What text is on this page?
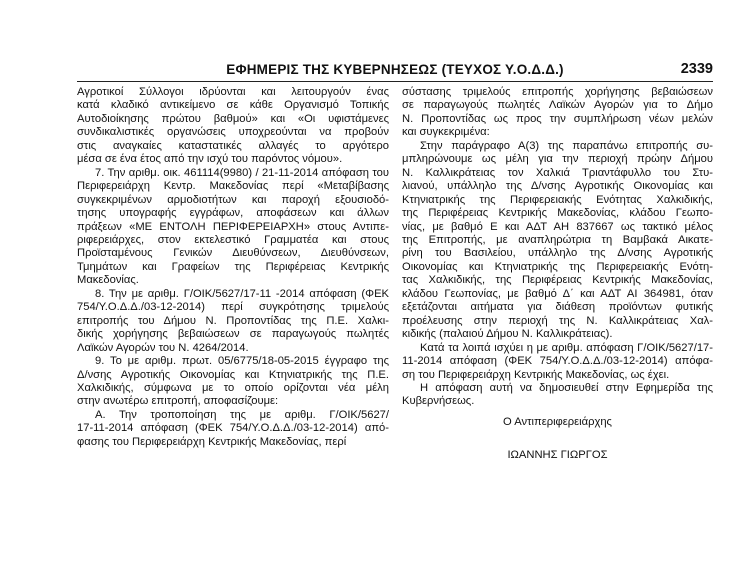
ΕΦΗΜΕΡΙΣ ΤΗΣ ΚΥΒΕΡΝΗΣΕΩΣ (ΤΕΥΧΟΣ Υ.Ο.Δ.Δ.)	2339
Αγροτικοί Σύλλογοι ιδρύονται και λειτουργούν ένας
κατά κλαδικό αντικείμενο σε κάθε Οργανισμό Τοπικής
Αυτοδιοίκησης πρώτου βαθμού» και «Οι υφιστάμενες
συνδικαλιστικές οργανώσεις υποχρεούνται να προβούν
στις αναγκαίες καταστατικές αλλαγές το αργότερο
μέσα σε ένα έτος από την ισχύ του παρόντος νόμου».
7. Την αριθμ. οικ. 461114(9980) / 21-11-2014 απόφαση του
Περιφερειάρχη Κεντρ. Μακεδονίας περί «Μεταβίβασης
συγκεκριμένων αρμοδιοτήτων και παροχή εξουσιοδό-
τησης υπογραφής εγγράφων, αποφάσεων και άλλων
πράξεων «ΜΕ ΕΝΤΟΛΗ ΠΕΡΙΦΕΡΕΙΑΡΧΗ» στους Αντιπε-
ριφερειάρχες, στον εκτελεστικό Γραμματέα και στους
Προϊσταμένους Γενικών Διευθύνσεων, Διευθύνσεων,
Τμημάτων και Γραφείων της Περιφέρειας Κεντρικής
Μακεδονίας.
8. Την με αριθμ. Γ/ΟΙΚ/5627/17-11 -2014 απόφαση (ΦΕΚ
754/Υ.Ο.Δ.Δ./03-12-2014) περί συγκρότησης τριμελούς
επιτροπής του Δήμου Ν. Προποντίδας της Π.Ε. Χαλκι-
δικής χορήγησης βεβαιώσεων σε παραγωγούς πωλητές
Λαϊκών Αγορών του Ν. 4264/2014.
9. Το με αριθμ. πρωτ. 05/6775/18-05-2015 έγγραφο της
Δ/νσης Αγροτικής Οικονομίας και Κτηνιατρικής της Π.Ε.
Χαλκιδικής, σύμφωνα με το οποίο ορίζονται νέα μέλη
στην ανωτέρω επιτροπή, αποφασίζουμε:
Α. Την τροποποίηση της με αριθμ. Γ/ΟΙΚ/5627/
17-11-2014 απόφαση (ΦΕΚ 754/Υ.Ο.Δ.Δ./03-12-2014) από-
φασης του Περιφερειάρχη Κεντρικής Μακεδονίας, περί
σύστασης τριμελούς επιτροπής χορήγησης βεβαιώσεων
σε παραγωγούς πωλητές Λαϊκών Αγορών για το Δήμο
Ν. Προποντίδας ως προς την συμπλήρωση νέων μελών
και συγκεκριμένα:
Στην παράγραφο Α(3) της παραπάνω επιτροπής συ-
μπληρώνουμε ως μέλη για την περιοχή πρώην Δήμου
Ν. Καλλικράτειας τον Χαλκιά Τριαντάφυλλο του Στυ-
λιανού, υπάλληλο της Δ/νσης Αγροτικής Οικονομίας και
Κτηνιατρικής της Περιφερειακής Ενότητας Χαλκιδικής,
της Περιφέρειας Κεντρικής Μακεδονίας, κλάδου Γεωπο-
νίας, με βαθμό Ε και ΑΔΤ ΑΗ 837667 ως τακτικό μέλος
της Επιτροπής, με αναπληρώτρια τη Βαμβακά Αικατε-
ρίνη του Βασιλείου, υπάλληλο της Δ/νσης Αγροτικής
Οικονομίας και Κτηνιατρικής της Περιφερειακής Ενότη-
τας Χαλκιδικής, της Περιφέρειας Κεντρικής Μακεδονίας,
κλάδου Γεωπονίας, με βαθμό Δ΄ και ΑΔΤ ΑΙ 364981, όταν
εξετάζονται αιτήματα για διάθεση προϊόντων φυτικής
προέλευσης στην περιοχή της Ν. Καλλικράτειας Χαλ-
κιδικής (παλαιού Δήμου Ν. Καλλικράτειας).
Κατά τα λοιπά ισχύει η με αριθμ. απόφαση Γ/ΟΙΚ/5627/17-
11-2014 απόφαση (ΦΕΚ 754/Υ.Ο.Δ.Δ./03-12-2014) απόφα-
ση του Περιφερειάρχη Κεντρικής Μακεδονίας, ως έχει.
Η απόφαση αυτή να δημοσιευθεί στην Εφημερίδα της
Κυβερνήσεως.
Ο Αντιπεριφερειάρχης
ΙΩΑΝΝΗΣ ΓΙΩΡΓΟΣ
